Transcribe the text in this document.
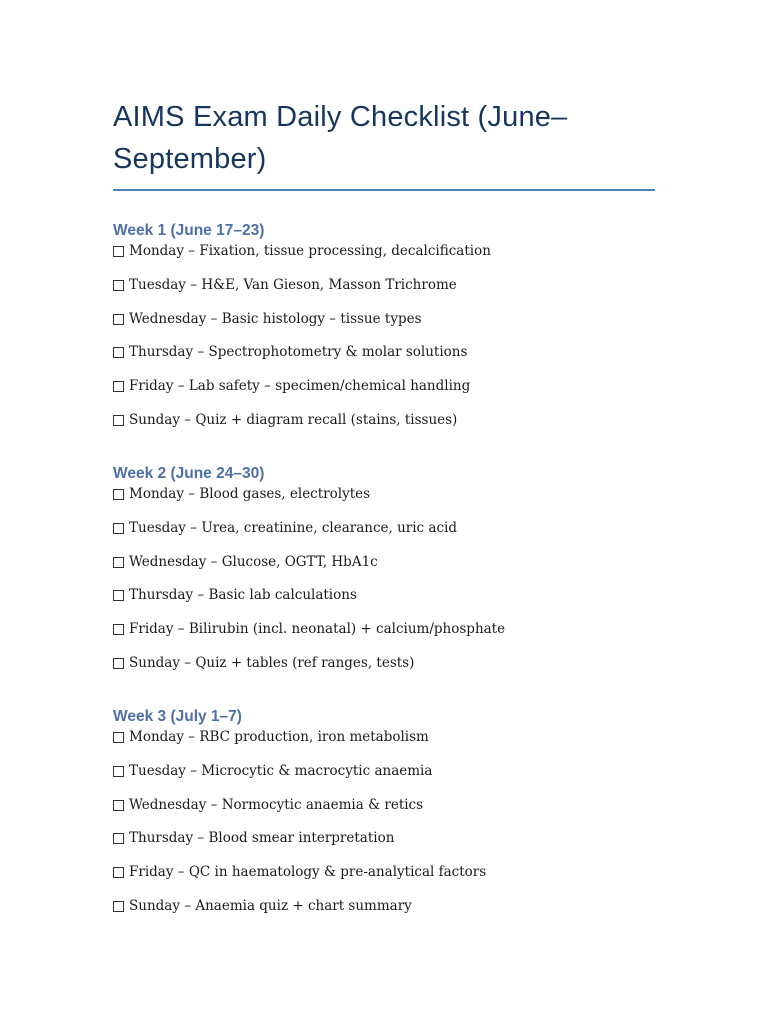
AIMS Exam Daily Checklist (June–September)
Week 1 (June 17–23)
Monday – Fixation, tissue processing, decalcification
Tuesday – H&E, Van Gieson, Masson Trichrome
Wednesday – Basic histology – tissue types
Thursday – Spectrophotometry & molar solutions
Friday – Lab safety – specimen/chemical handling
Sunday – Quiz + diagram recall (stains, tissues)
Week 2 (June 24–30)
Monday – Blood gases, electrolytes
Tuesday – Urea, creatinine, clearance, uric acid
Wednesday – Glucose, OGTT, HbA1c
Thursday – Basic lab calculations
Friday – Bilirubin (incl. neonatal) + calcium/phosphate
Sunday – Quiz + tables (ref ranges, tests)
Week 3 (July 1–7)
Monday – RBC production, iron metabolism
Tuesday – Microcytic & macrocytic anaemia
Wednesday – Normocytic anaemia & retics
Thursday – Blood smear interpretation
Friday – QC in haematology & pre-analytical factors
Sunday – Anaemia quiz + chart summary
